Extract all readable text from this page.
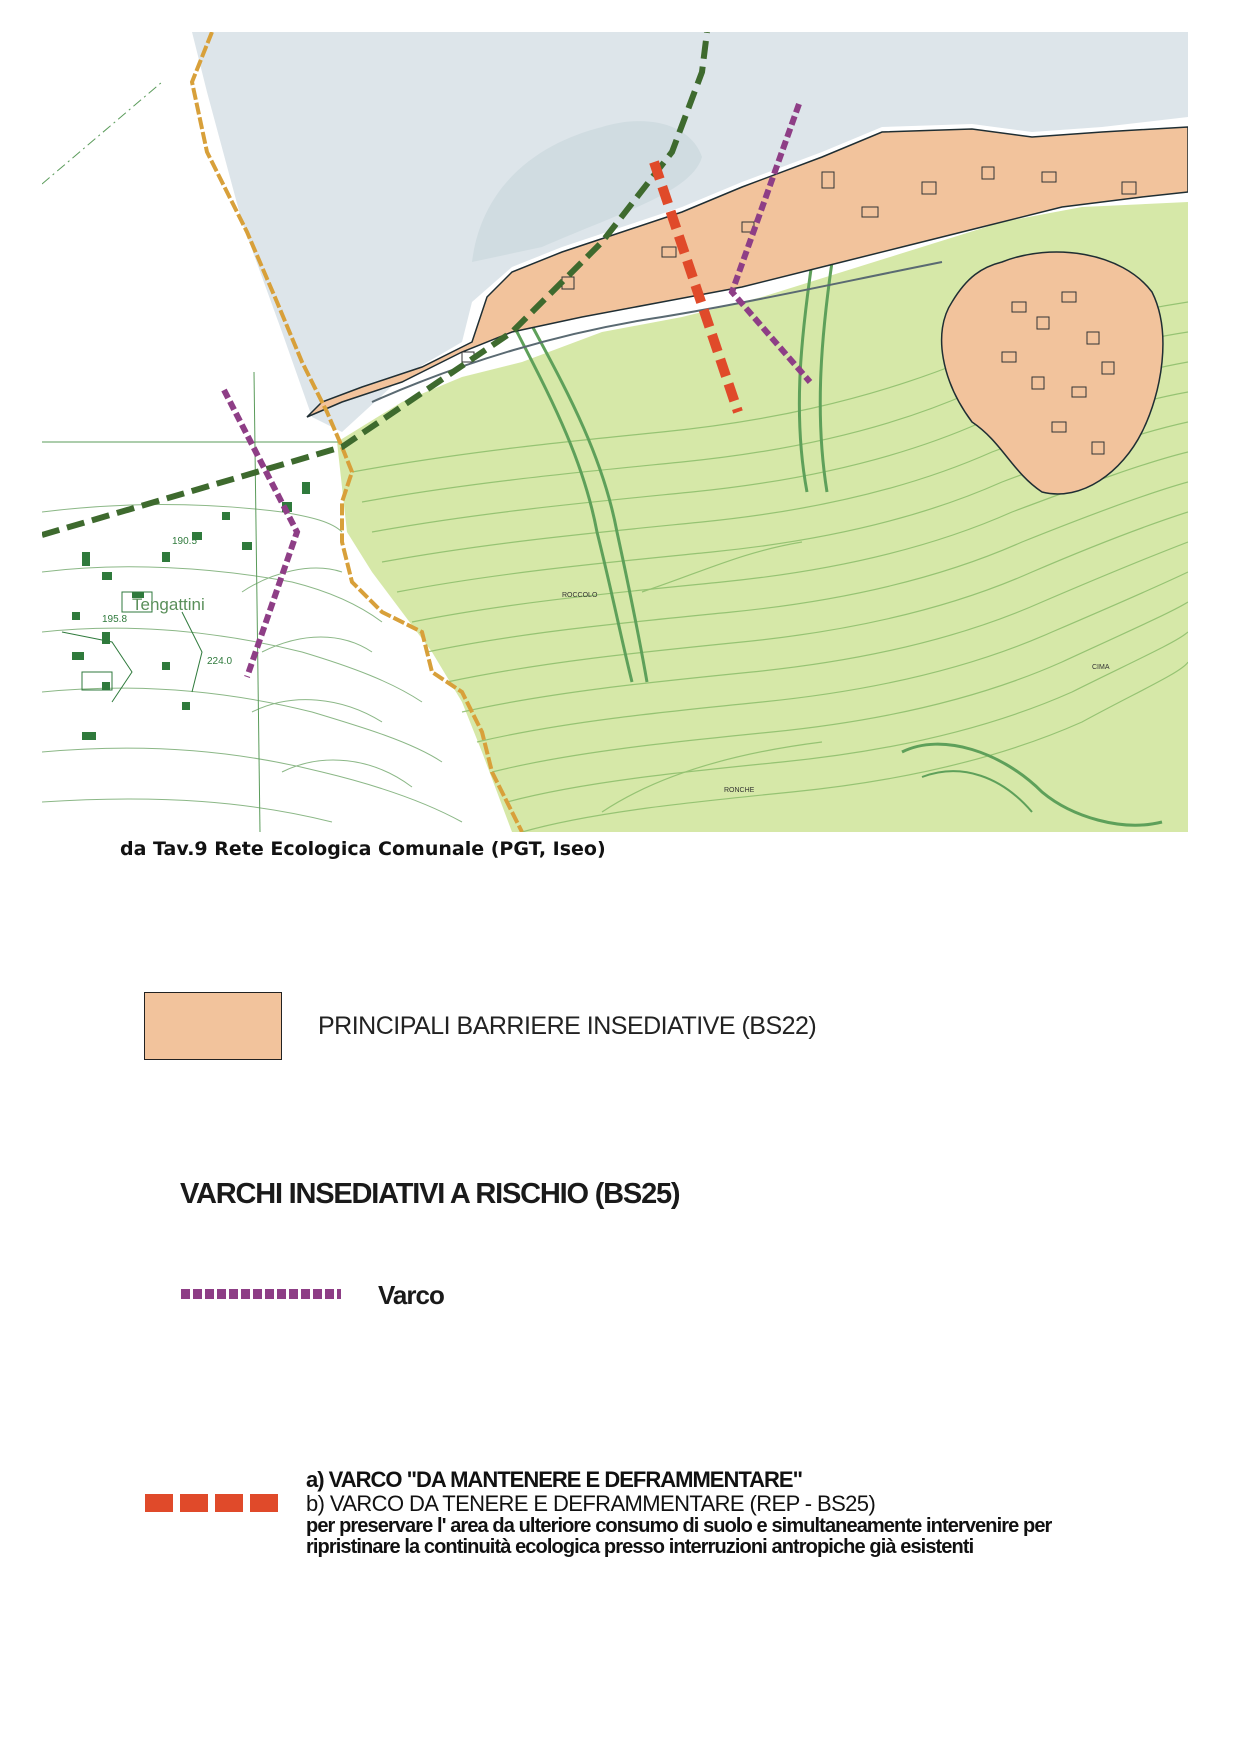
Tengattini
190.5
195.8
224.0
ROCCOLO
CIMA
RONCHE
da Tav.9 Rete Ecologica Comunale (PGT, Iseo)
PRINCIPALI BARRIERE INSEDIATIVE (BS22)
VARCHI INSEDIATIVI A RISCHIO (BS25)
Varco
a) VARCO "DA MANTENERE E DEFRAMMENTARE"
b) VARCO DA TENERE E DEFRAMMENTARE (REP - BS25)
per preservare l' area da ulteriore consumo di suolo e simultaneamente intervenire per ripristinare la continuità ecologica presso interruzioni antropiche già esistenti
